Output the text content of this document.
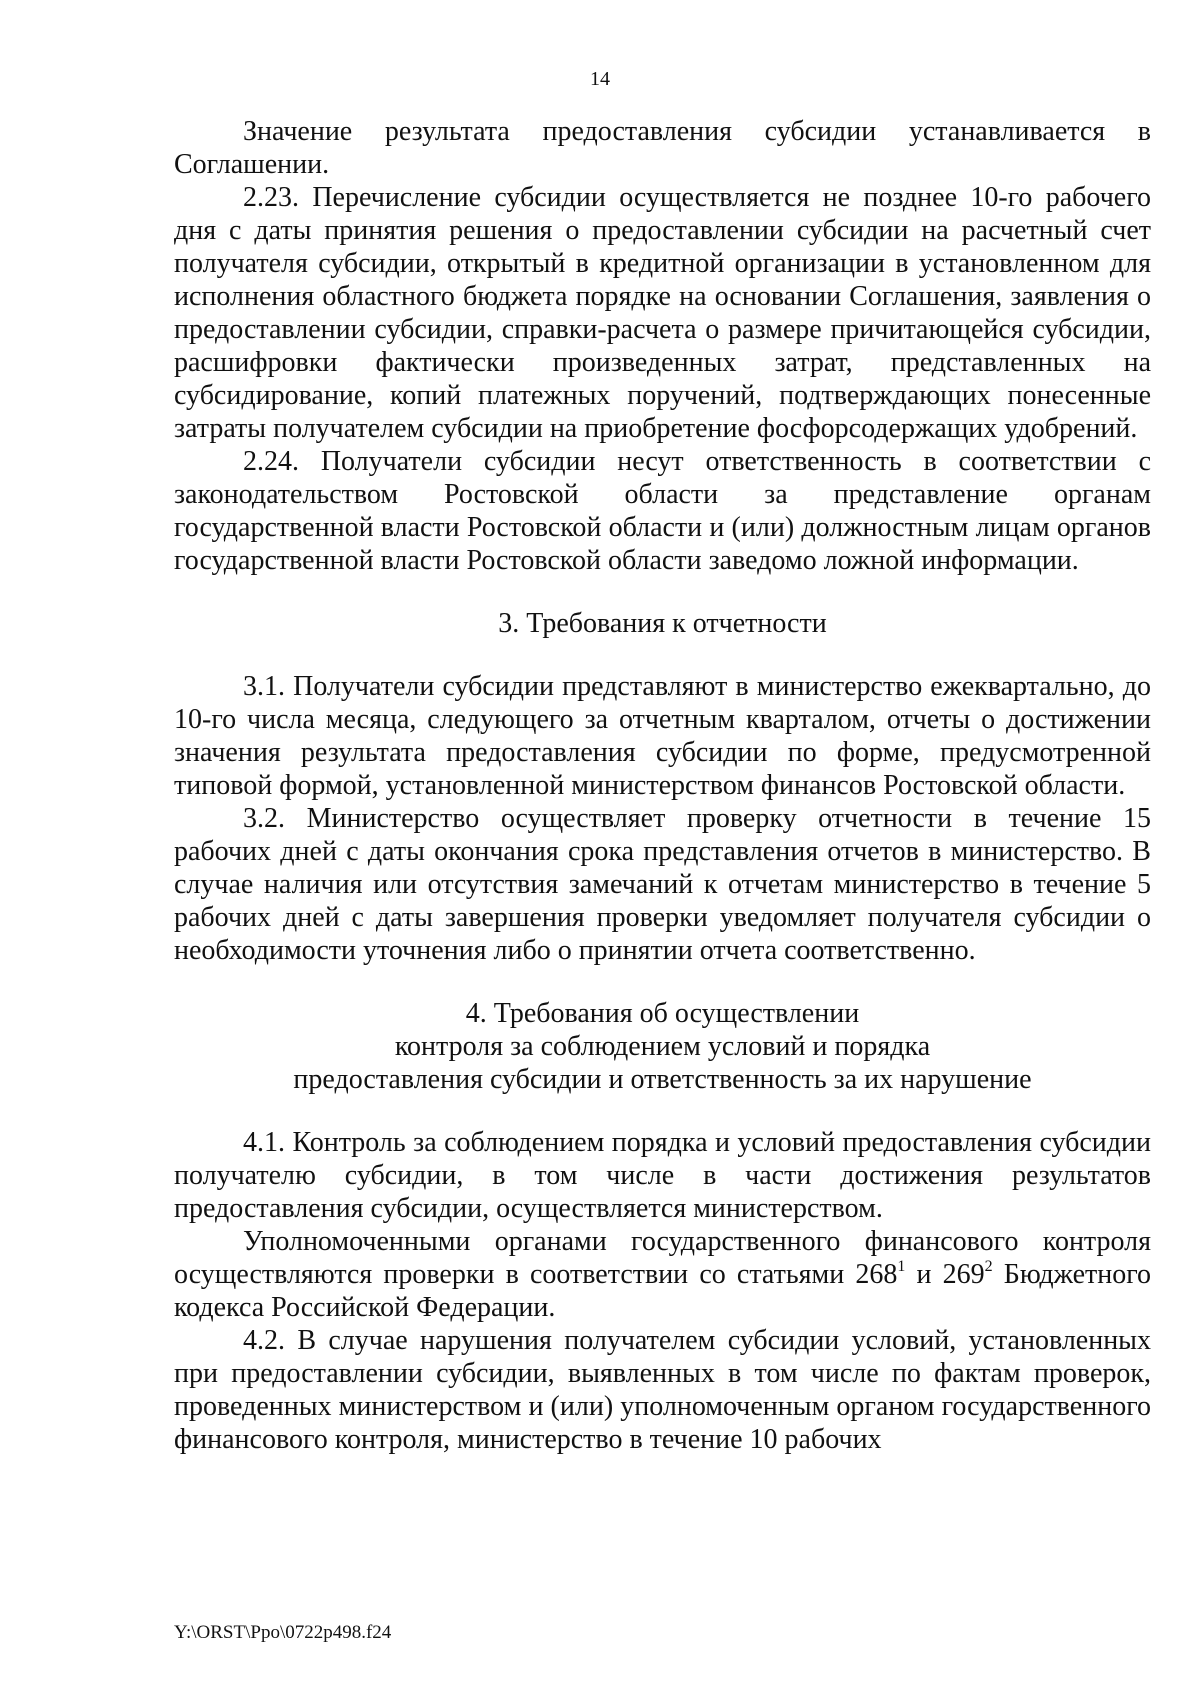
14

Значение результата предоставления субсидии устанавливается в Соглашении.

2.23. Перечисление субсидии осуществляется не позднее 10-го рабочего дня с даты принятия решения о предоставлении субсидии на расчетный счет получателя субсидии, открытый в кредитной организации в установленном для исполнения областного бюджета порядке на основании Соглашения, заявления о предоставлении субсидии, справки-расчета о размере причитающейся субсидии, расшифровки фактически произведенных затрат, представленных на субсидирование, копий платежных поручений, подтверждающих понесенные затраты получателем субсидии на приобретение фосфорсодержащих удобрений.

2.24. Получатели субсидии несут ответственность в соответствии с законодательством Ростовской области за представление органам государственной власти Ростовской области и (или) должностным лицам органов государственной власти Ростовской области заведомо ложной информации.

3. Требования к отчетности

3.1. Получатели субсидии представляют в министерство ежеквартально, до 10-го числа месяца, следующего за отчетным кварталом, отчеты о достижении значения результата предоставления субсидии по форме, предусмотренной типовой формой, установленной министерством финансов Ростовской области.

3.2. Министерство осуществляет проверку отчетности в течение 15 рабочих дней с даты окончания срока представления отчетов в министерство. В случае наличия или отсутствия замечаний к отчетам министерство в течение 5 рабочих дней с даты завершения проверки уведомляет получателя субсидии о необходимости уточнения либо о принятии отчета соответственно.

4. Требования об осуществлении
контроля за соблюдением условий и порядка
предоставления субсидии и ответственность за их нарушение

4.1. Контроль за соблюдением порядка и условий предоставления субсидии получателю субсидии, в том числе в части достижения результатов предоставления субсидии, осуществляется министерством.

Уполномоченными органами государственного финансового контроля осуществляются проверки в соответствии со статьями $268^1$ и $269^2$ Бюджетного кодекса Российской Федерации.

4.2. В случае нарушения получателем субсидии условий, установленных при предоставлении субсидии, выявленных в том числе по фактам проверок, проведенных министерством и (или) уполномоченным органом государственного финансового контроля, министерство в течение 10 рабочих

Y:\ORST\Ppo\0722p498.f24
